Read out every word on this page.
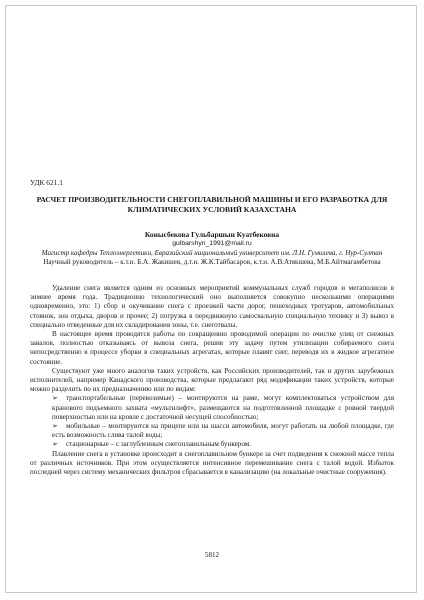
УДК 621.1

РАСЧЕТ ПРОИЗВОДИТЕЛЬНОСТИ СНЕГОПЛАВИЛЬНОЙ МАШИНЫ И ЕГО РАЗРАБОТКА ДЛЯ КЛИМАТИЧЕСКИХ УСЛОВИЙ КАЗАХСТАНА

Конысбекова Гульбаршын Куатбековна

gulbarshyn_1991@mail.ru

Магистр кафедры Теплоэнергетики, Евразийский национальный университет им. Л.Н. Гумилева, г. Нур-Султан

Научный руководитель – к.т.н. Б.А. Жакишев, д.т.н. Ж.К.Тайбасаров, к.т.н. А.В.Атякшева, М.Б.Айтмагамбетова

Удаление снега является одним из основных мероприятий коммунальных служб городов и мегаполисов в зимнее время года. Традиционно технологический оно выполняется совокупно несколькими операциями одновременно, это: 1) сбор и окучивание снега с проезжей части дорог, пешеходных тротуаров, автомобильных стоянок, зон отдыха, дворов и прочее; 2) погрузка в передвижную самосвальную специальную технику и 3) вывоз в специально отведенные для их складирования зоны, т.е. снеготвалы.

В настоящее время проводятся работы по сокращению проводимой операции по очистке улиц от снежных завалов, полностью отказываясь от вывоза снега, решив эту задачу путем утилизации собираемого снега непосредственно в процессе уборки в специальных агрегатах, которые плавят снег, переводя их в жидкое агрегатное состояние.

Существуют уже много аналогов таких устройств, как Российских производителей, так и других зарубежных исполнителей, например Канадского производства, которые предлагают ряд модификации таких устройств, которые можно разделить по их предназначению или по видам:

➢	транспортабельные (перевозимые) – монтируются на раме, могут комплектоваться устройством для кранового подъемного захвата «мультилифт», размещаются на подготовленной площадке с ровной твердой поверхностью или на кровле с достаточной несущей способностью;

➢	мобильные – монтируются на прицепе или на шасси автомобиля, могут работать на любой площадке, где есть возможность слива талой воды;

➢	стационарные – с заглубленным снегоплавильным бункером.

Плавление снега в установке происходит в снегоплавильном бункере за счет подведения к снежной массе тепла от различных источников. При этом осуществляется интенсивное перемешивание снега с талой водой. Избыток последней через систему механических фильтров сбрасывается в канализацию (на локальные очистные сооружения).

5812
